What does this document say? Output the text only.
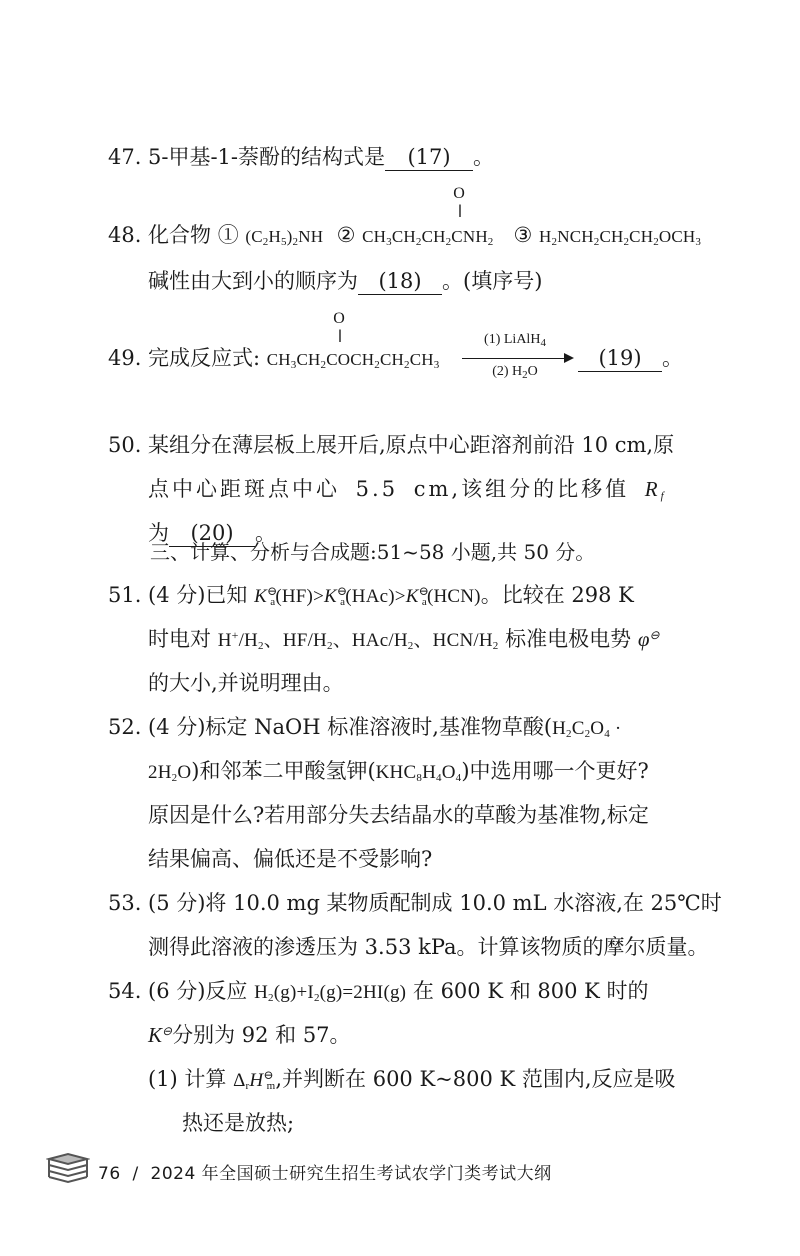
47. 5-甲基-1-萘酚的结构式是 (17) 。
O
||
48. 化合物 ① $(C_2H_5)_2NH$ ② $CH_3CH_2CH_2CNH_2$ ③ $H_2NCH_2CH_2CH_2OCH_3$
碱性由大到小的顺序为 (18) 。(填序号)
O
||
49. 完成反应式: $CH_3CH_2COCH_2CH_2CH_3$	(19) 。
(1) LiAlH$_4$
(2) $H_2O$
50. 某组分在薄层板上展开后,原点中心距溶剂前沿 10 cm,原
点中心距斑点中心 5.5 cm,该组分的比移值 $R_f$
为 (20) 。
三、计算、分析与合成题:51~58 小题,共 50 分。
51. (4 分)已知 $K^⊖_a(HF)>K^⊖_a(HAc)>K^⊖_a(HCN)$。比较在 298 K
时电对 $H^+/H_2$、$HF/H_2$、HAc/$H_2$、HCN/$H_2$ 标准电极电势 φ⊖
的大小,并说明理由。
52. (4 分)标定 NaOH 标准溶液时,基准物草酸($H_2C_2O_4$ ·
$2H_2O$)和邻苯二甲酸氢钾$(KHC_8H_4O_4)$中选用哪一个更好?
原因是什么?若用部分失去结晶水的草酸为基准物,标定
结果偏高、偏低还是不受影响?
53. (5 分)将 10.0 mg 某物质配制成 10.0 mL 水溶液,在 25℃时
测得此溶液的渗透压为 3.53 kPa。计算该物质的摩尔质量。
54. (6 分)反应 $H_2(g)+I_2(g)=2HI(g)$ 在 600 K 和 800 K 时的
K⊖分别为 92 和 57。
(1) 计算 $\Delta_rH^⊖_m$,并判断在 600 K~800 K 范围内,反应是吸
热还是放热;
76 / 2024 年全国硕士研究生招生考试农学门类考试大纲
